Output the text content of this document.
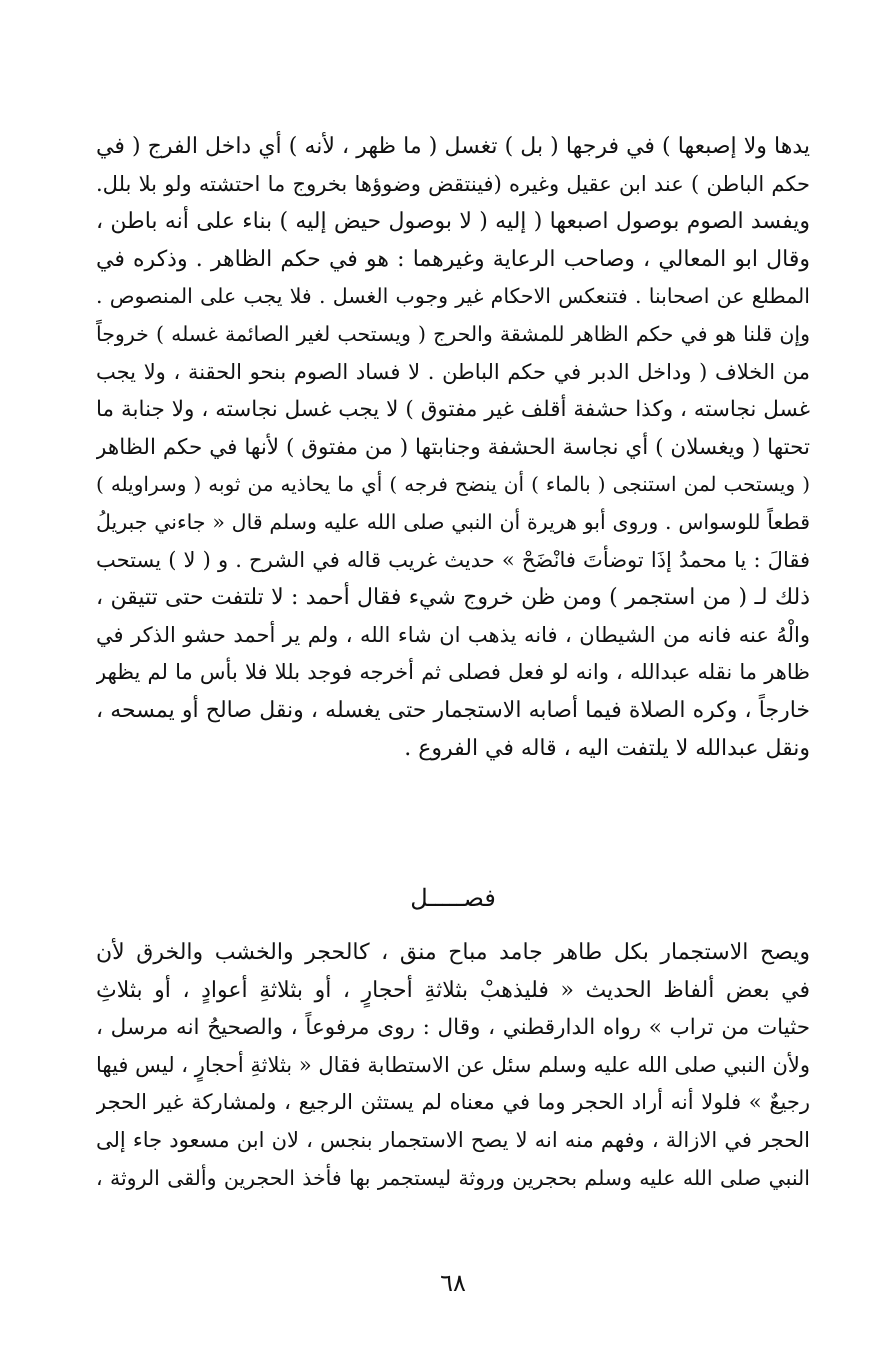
يدها ولا إصبعها ) في فرجها ( بل ) تغسل ( ما ظهر ، لأنه ) أي داخل الفرج ( في
حكم الباطن ) عند ابن عقيل وغيره (فينتقض وضوؤها بخروج ما احتشته ولو بلا بلل.
ويفسد الصوم بوصول اصبعها ( إليه ( لا بوصول حيض إليه ) بناء على أنه باطن ،
وقال ابو المعالي ، وصاحب الرعاية وغيرهما : هو في حكم الظاهر . وذكره في
المطلع عن اصحابنا . فتنعكس الاحكام غير وجوب الغسل . فلا يجب على المنصوص .
وإن قلنا هو في حكم الظاهر للمشقة والحرج ( ويستحب لغير الصائمة غسله ) خروجاً
من الخلاف ( وداخل الدبر في حكم الباطن . لا فساد الصوم بنحو الحقنة ، ولا يجب
غسل نجاسته ، وكذا حشفة أقلف غير مفتوق ) لا يجب غسل نجاسته ، ولا جنابة ما
تحتها ( ويغسلان ) أي نجاسة الحشفة وجنابتها ( من مفتوق ) لأنها في حكم الظاهر
( ويستحب لمن استنجى ( بالماء ) أن ينضح فرجه ) أي ما يحاذيه من ثوبه ( وسراويله )
قطعاً للوسواس . وروى أبو هريرة أن النبي صلى الله عليه وسلم قال « جاءني جبريلُ
فقالَ : يا محمدُ إذَا توضأتَ فانْضَحْ » حديث غريب قاله في الشرح . و ( لا ) يستحب
ذلك لـ ( من استجمر ) ومن ظن خروج شيء فقال أحمد : لا تلتفت حتى تتيقن ،
والْهُ عنه فانه من الشيطان ، فانه يذهب ان شاء الله ، ولم ير أحمد حشو الذكر في
ظاهر ما نقله عبدالله ، وانه لو فعل فصلى ثم أخرجه فوجد بللا فلا بأس ما لم يظهر
خارجاً ، وكره الصلاة فيما أصابه الاستجمار حتى يغسله ، ونقل صالح أو يمسحه ،
ونقل عبدالله لا يلتفت اليه ، قاله في الفروع .
فصـــــل
ويصح الاستجمار بكل طاهر جامد مباح منق ، كالحجر والخشب والخرق لأن
في بعض ألفاظ الحديث « فليذهبْ بثلاثةِ أحجارٍ ، أو بثلاثةِ أعوادٍ ، أو بثلاثِ
حثيات من تراب » رواه الدارقطني ، وقال : روى مرفوعاً ، والصحيحُ انه مرسل ،
ولأن النبي صلى الله عليه وسلم سئل عن الاستطابة فقال « بثلاثةِ أحجارٍ ، ليس فيها
رجيعٌ » فلولا أنه أراد الحجر وما في معناه لم يستثن الرجيع ، ولمشاركة غير الحجر
الحجر في الازالة ، وفهم منه انه لا يصح الاستجمار بنجس ، لان ابن مسعود جاء إلى
النبي صلى الله عليه وسلم بحجرين وروثة ليستجمر بها فأخذ الحجرين وألقى الروثة ،
٦٨
